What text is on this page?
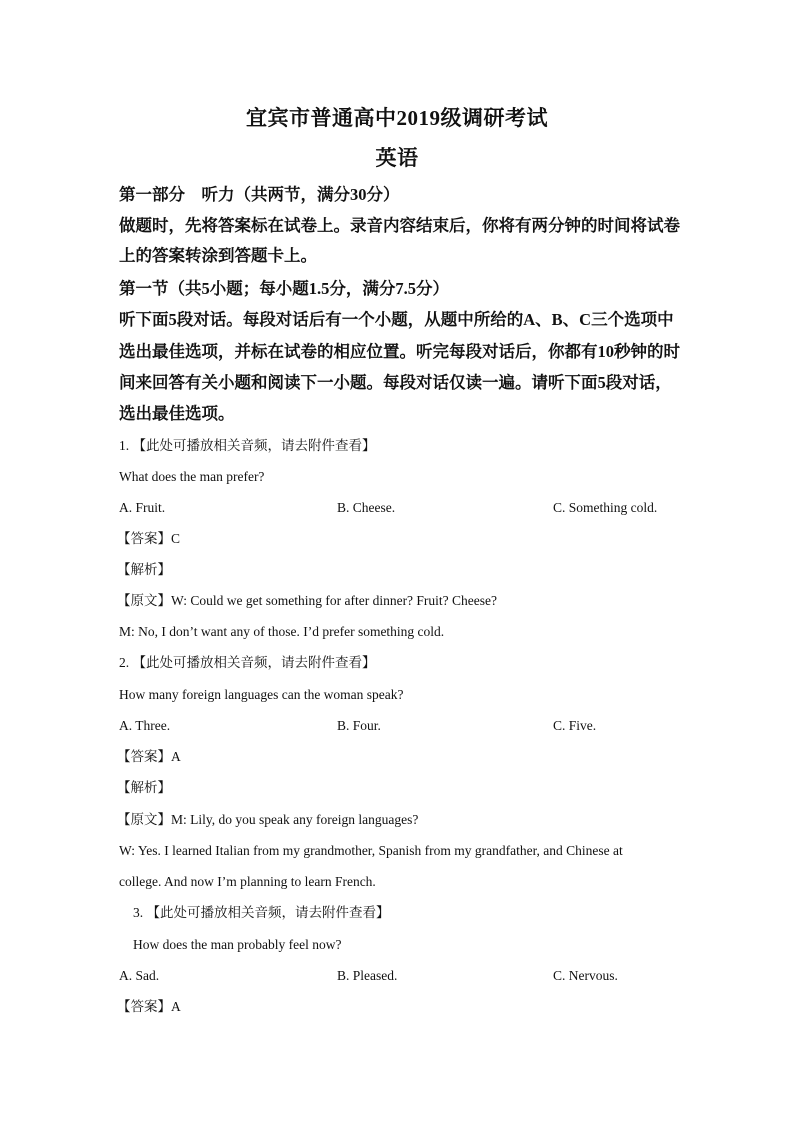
宜宾市普通高中2019级调研考试
英语
第一部分　听力（共两节，满分30分）
做题时，先将答案标在试卷上。录音内容结束后，你将有两分钟的时间将试卷
上的答案转涂到答题卡上。
第一节（共5小题；每小题1.5分，满分7.5分）
听下面5段对话。每段对话后有一个小题，从题中所给的A、B、C三个选项中
选出最佳选项，并标在试卷的相应位置。听完每段对话后，你都有10秒钟的时
间来回答有关小题和阅读下一小题。每段对话仅读一遍。请听下面5段对话，
选出最佳选项。
1. 【此处可播放相关音频，请去附件查看】
What does the man prefer?
A. Fruit.	B. Cheese.	C. Something cold.
【答案】C
【解析】
【原文】W: Could we get something for after dinner? Fruit? Cheese?
M: No, I don’t want any of those. I’d prefer something cold.
2. 【此处可播放相关音频，请去附件查看】
How many foreign languages can the woman speak?
A. Three.	B. Four.	C. Five.
【答案】A
【解析】
【原文】M: Lily, do you speak any foreign languages?
W: Yes. I learned Italian from my grandmother, Spanish from my grandfather, and Chinese at
college. And now I’m planning to learn French.
3. 【此处可播放相关音频，请去附件查看】
How does the man probably feel now?
A. Sad.	B. Pleased.	C. Nervous.
【答案】A
